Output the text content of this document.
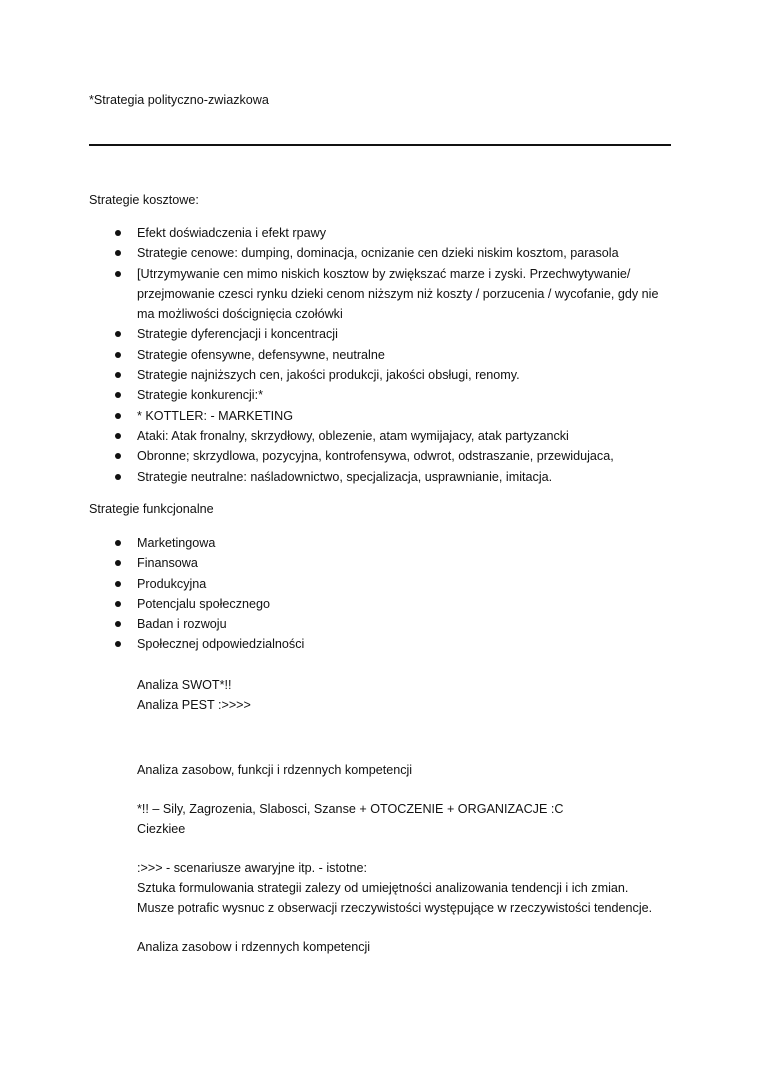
*Strategia polityczno-zwiazkowa
Strategie kosztowe:
Efekt doświadczenia i efekt rpawy
Strategie cenowe: dumping, dominacja, ocnizanie cen dzieki niskim kosztom, parasola
[Utrzymywanie cen mimo niskich kosztow by zwiększać marze i zyski. Przechwytywanie/
przejmowanie czesci rynku dzieki cenom niższym niż koszty / porzucenia / wycofanie, gdy nie
ma możliwości doścignięcia czołówki
Strategie dyferencjacji i koncentracji
Strategie ofensywne, defensywne, neutralne
Strategie najniższych cen, jakości produkcji, jakości obsługi, renomy.
Strategie konkurencji:*
* KOTTLER: - MARKETING
Ataki: Atak fronalny, skrzydłowy, oblezenie, atam wymijajacy, atak partyzancki
Obronne; skrzydlowa, pozycyjna, kontrofensywa, odwrot, odstraszanie, przewidujaca,
Strategie neutralne: naśladownictwo, specjalizacja, usprawnianie, imitacja.
Strategie funkcjonalne
Marketingowa
Finansowa
Produkcyjna
Potencjalu społecznego
Badan i rozwoju
Społecznej odpowiedzialności
Analiza SWOT*!!
Analiza PEST :>>>>
Analiza zasobow, funkcji i rdzennych kompetencji
*!! – Sily, Zagrozenia, Slabosci, Szanse + OTOCZENIE + ORGANIZACJE :C
Ciezkiee
:>>> - scenariusze awaryjne itp. - istotne:
Sztuka formulowania strategii zalezy od umiejętności analizowania tendencji i ich zmian.
Musze potrafic wysnuc z obserwacji rzeczywistości występujące w rzeczywistości tendencje.
Analiza zasobow i rdzennych kompetencji
